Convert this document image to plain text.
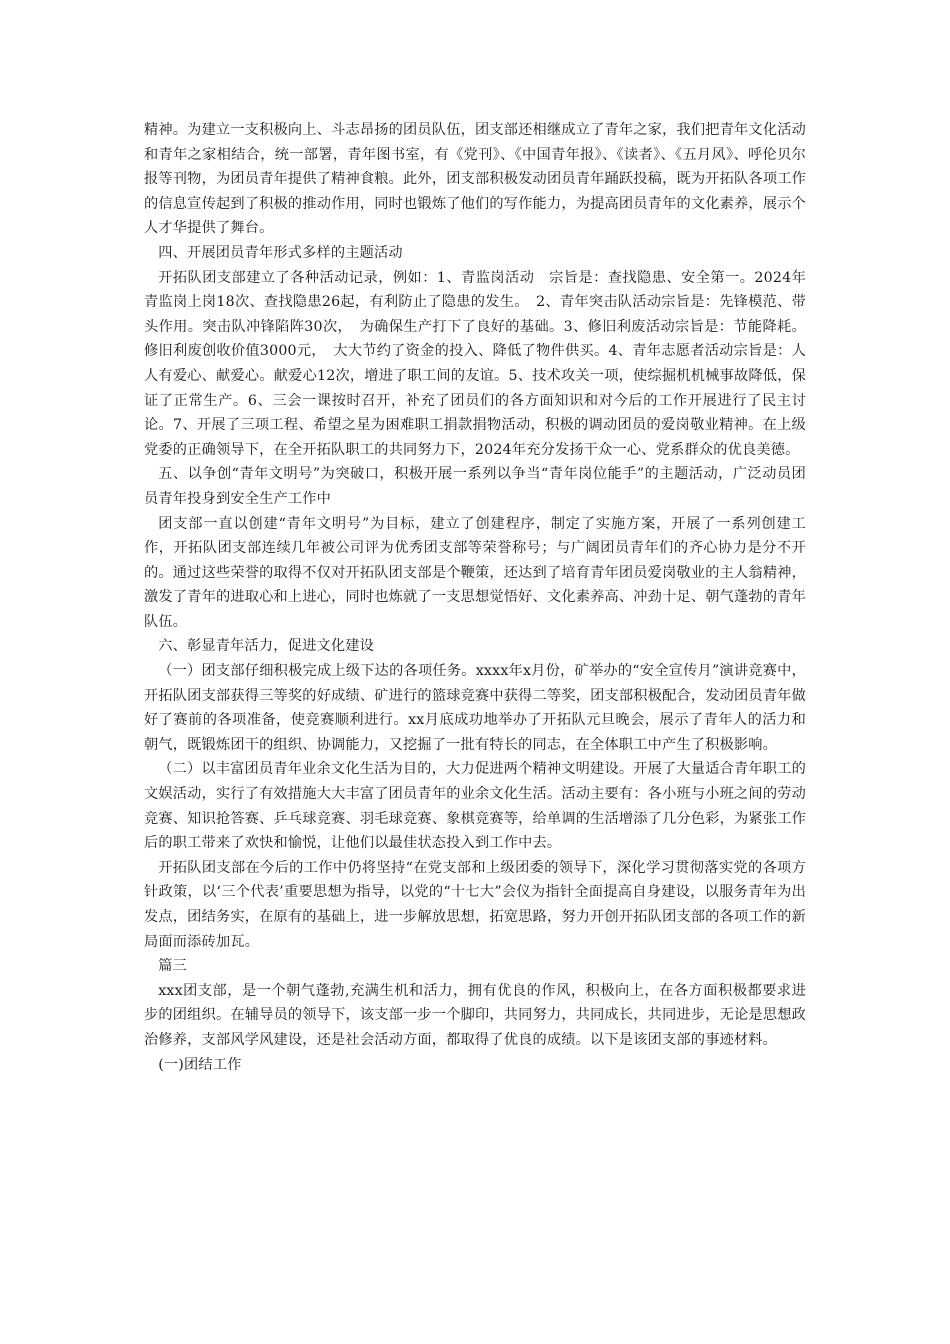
精神。为建立一支积极向上、斗志昂扬的团员队伍，团支部还相继成立了青年之家，我们把青年文化活动和青年之家相结合，统一部署，青年图书室，有《党刊》、《中国青年报》、《读者》、《五月风》、呼伦贝尔报等刊物，为团员青年提供了精神食粮。此外，团支部积极发动团员青年踊跃投稿，既为开拓队各项工作的信息宣传起到了积极的推动作用，同时也锻炼了他们的写作能力，为提高团员青年的文化素养，展示个人才华提供了舞台。

四、开展团员青年形式多样的主题活动

开拓队团支部建立了各种活动记录，例如：1、青监岗活动　宗旨是：查找隐患、安全第一。2024年青监岗上岗18次、查找隐患26起，有利防止了隐患的发生。　2、青年突击队活动宗旨是：先锋模范、带头作用。突击队冲锋陷阵30次，　为确保生产打下了良好的基础。3、修旧利废活动宗旨是：节能降耗。修旧利废创收价值3000元，　大大节约了资金的投入、降低了物件供买。4、青年志愿者活动宗旨是：人人有爱心、献爱心。献爱心12次，增进了职工间的友谊。5、技术攻关一项，使综掘机机械事故降低，保证了正常生产。6、三会一课按时召开，补充了团员们的各方面知识和对今后的工作开展进行了民主讨论。7、开展了三项工程、希望之星为困难职工捐款捐物活动，积极的调动团员的爱岗敬业精神。在上级党委的正确领导下，在全开拓队职工的共同努力下，2024年充分发扬干众一心、党系群众的优良美德。

五、以争创“青年文明号”为突破口，积极开展一系列以争当“青年岗位能手”的主题活动，广泛动员团员青年投身到安全生产工作中

团支部一直以创建“青年文明号”为目标，建立了创建程序，制定了实施方案，开展了一系列创建工作，开拓队团支部连续几年被公司评为优秀团支部等荣誉称号；与广阔团员青年们的齐心协力是分不开的。通过这些荣誉的取得不仅对开拓队团支部是个鞭策，还达到了培育青年团员爱岗敬业的主人翁精神，激发了青年的进取心和上进心，同时也炼就了一支思想觉悟好、文化素养高、冲劲十足、朝气蓬勃的青年队伍。

六、彰显青年活力，促进文化建设

（一）团支部仔细积极完成上级下达的各项任务。xxxx年x月份，矿举办的“安全宣传月”演讲竞赛中，开拓队团支部获得三等奖的好成绩、矿进行的篮球竞赛中获得二等奖，团支部积极配合，发动团员青年做好了赛前的各项准备，使竞赛顺利进行。xx月底成功地举办了开拓队元旦晚会，展示了青年人的活力和朝气，既锻炼团干的组织、协调能力，又挖掘了一批有特长的同志，在全体职工中产生了积极影响。

（二）以丰富团员青年业余文化生活为目的，大力促进两个精神文明建设。开展了大量适合青年职工的文娱活动，实行了有效措施大大丰富了团员青年的业余文化生活。活动主要有：各小班与小班之间的劳动竞赛、知识抢答赛、乒乓球竞赛、羽毛球竞赛、象棋竞赛等，给单调的生活增添了几分色彩，为紧张工作后的职工带来了欢快和愉悦，让他们以最佳状态投入到工作中去。

开拓队团支部在今后的工作中仍将坚持“在党支部和上级团委的领导下，深化学习贯彻落实党的各项方针政策，以‘三个代表’重要思想为指导，以党的“十七大”会仪为指针全面提高自身建设，以服务青年为出发点，团结务实，在原有的基础上，进一步解放思想，拓宽思路，努力开创开拓队团支部的各项工作的新局面而添砖加瓦。

篇三

xxx团支部，是一个朝气蓬勃,充满生机和活力，拥有优良的作风，积极向上，在各方面积极都要求进步的团组织。在辅导员的领导下，该支部一步一个脚印，共同努力，共同成长，共同进步，无论是思想政治修养，支部风学风建设，还是社会活动方面，都取得了优良的成绩。以下是该团支部的事迹材料。

(一)团结工作
